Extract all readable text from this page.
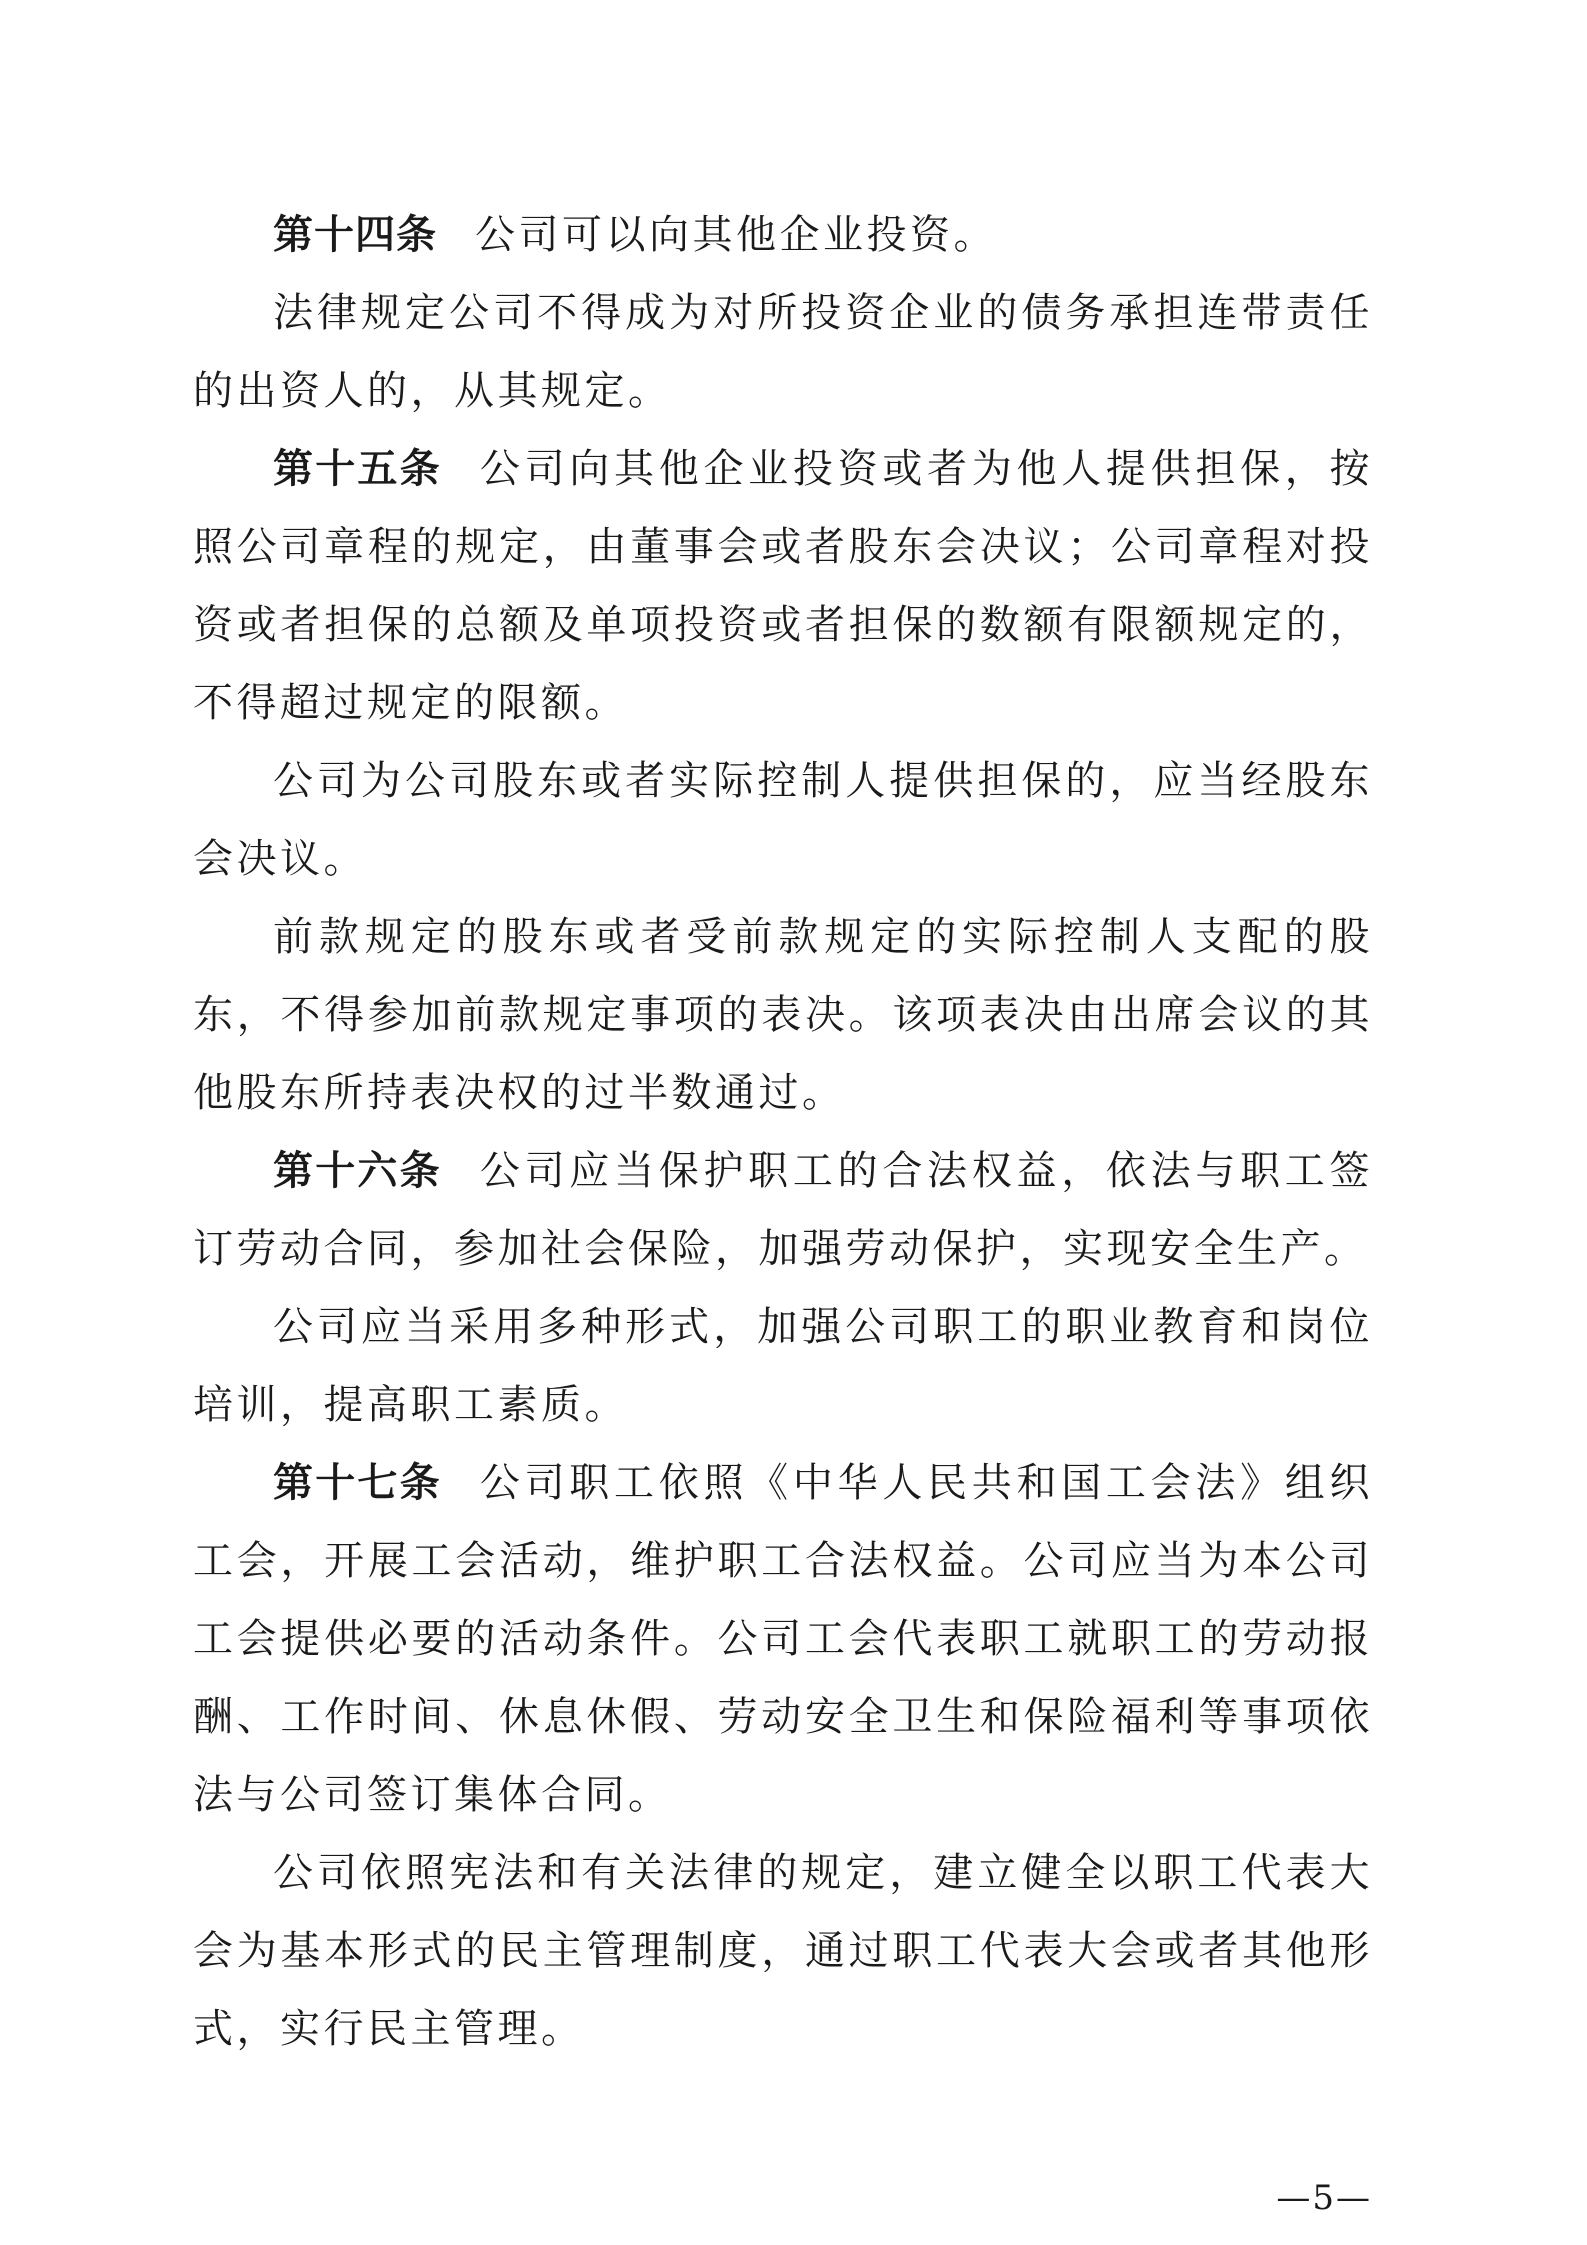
第十四条 公司可以向其他企业投资。

法律规定公司不得成为对所投资企业的债务承担连带责任的出资人的，从其规定。

第十五条 公司向其他企业投资或者为他人提供担保，按照公司章程的规定，由董事会或者股东会决议；公司章程对投资或者担保的总额及单项投资或者担保的数额有限额规定的，不得超过规定的限额。

公司为公司股东或者实际控制人提供担保的，应当经股东会决议。

前款规定的股东或者受前款规定的实际控制人支配的股东，不得参加前款规定事项的表决。该项表决由出席会议的其他股东所持表决权的过半数通过。

第十六条 公司应当保护职工的合法权益，依法与职工签订劳动合同，参加社会保险，加强劳动保护，实现安全生产。

公司应当采用多种形式，加强公司职工的职业教育和岗位培训，提高职工素质。

第十七条 公司职工依照《中华人民共和国工会法》组织工会，开展工会活动，维护职工合法权益。公司应当为本公司工会提供必要的活动条件。公司工会代表职工就职工的劳动报酬、工作时间、休息休假、劳动安全卫生和保险福利等事项依法与公司签订集体合同。

公司依照宪法和有关法律的规定，建立健全以职工代表大会为基本形式的民主管理制度，通过职工代表大会或者其他形式，实行民主管理。

—5—
